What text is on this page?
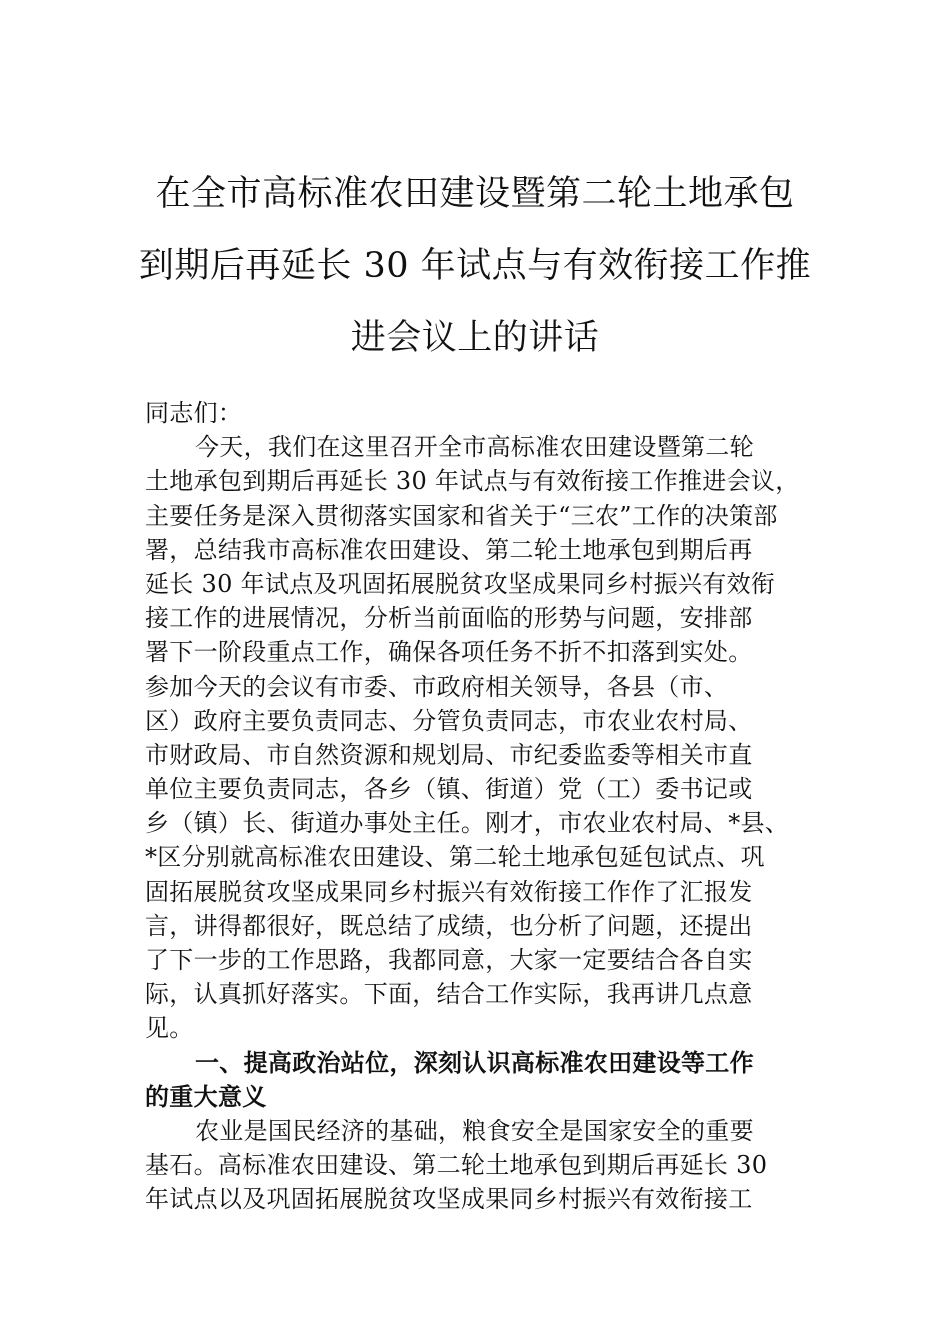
在全市高标准农田建设暨第二轮土地承包
到期后再延长 30 年试点与有效衔接工作推
进会议上的讲话
同志们：
今天，我们在这里召开全市高标准农田建设暨第二轮
土地承包到期后再延长 30 年试点与有效衔接工作推进会议，
主要任务是深入贯彻落实国家和省关于“三农”工作的决策部
署，总结我市高标准农田建设、第二轮土地承包到期后再
延长 30 年试点及巩固拓展脱贫攻坚成果同乡村振兴有效衔
接工作的进展情况，分析当前面临的形势与问题，安排部
署下一阶段重点工作，确保各项任务不折不扣落到实处。
参加今天的会议有市委、市政府相关领导，各县（市、
区）政府主要负责同志、分管负责同志，市农业农村局、
市财政局、市自然资源和规划局、市纪委监委等相关市直
单位主要负责同志，各乡（镇、街道）党（工）委书记或
乡（镇）长、街道办事处主任。刚才，市农业农村局、*县、
*区分别就高标准农田建设、第二轮土地承包延包试点、巩
固拓展脱贫攻坚成果同乡村振兴有效衔接工作作了汇报发
言，讲得都很好，既总结了成绩，也分析了问题，还提出
了下一步的工作思路，我都同意，大家一定要结合各自实
际，认真抓好落实。下面，结合工作实际，我再讲几点意
见。
一、提高政治站位，深刻认识高标准农田建设等工作
的重大意义
农业是国民经济的基础，粮食安全是国家安全的重要
基石。高标准农田建设、第二轮土地承包到期后再延长 30
年试点以及巩固拓展脱贫攻坚成果同乡村振兴有效衔接工
